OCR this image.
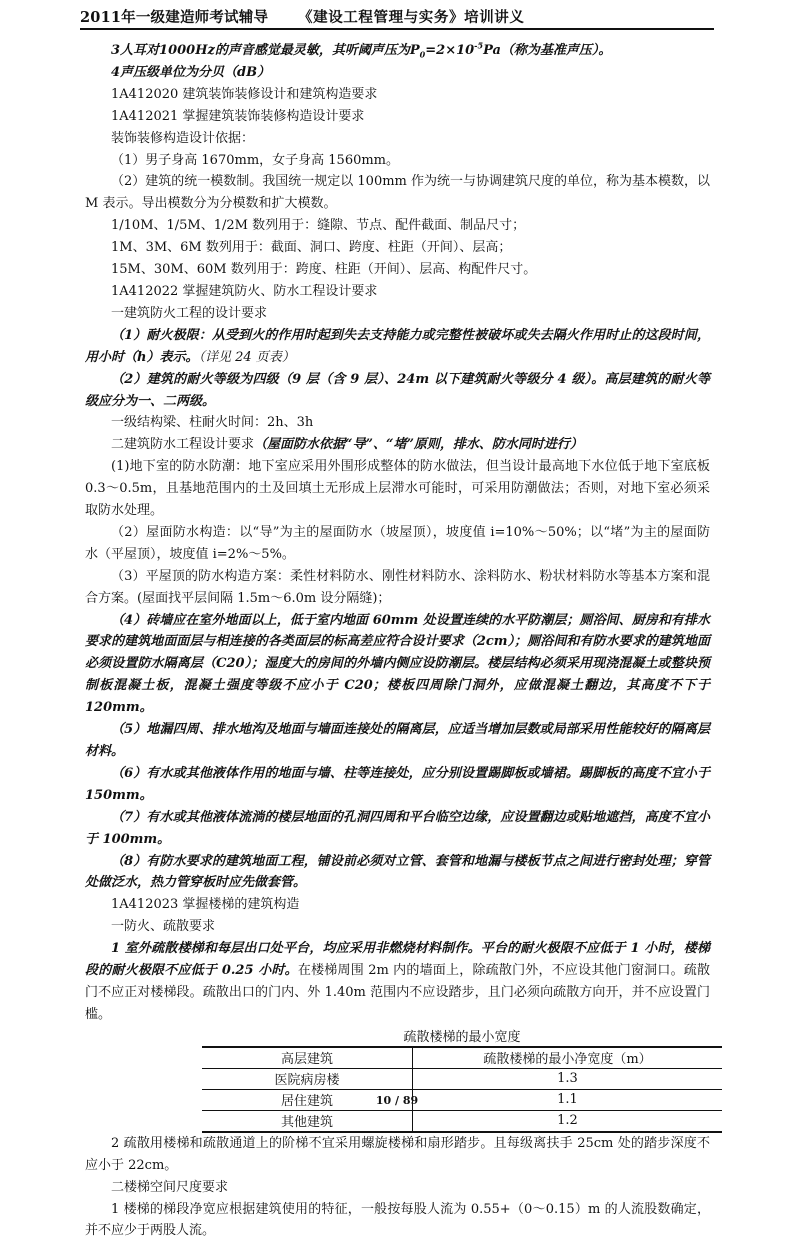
2011年一级建造师考试辅导 《建设工程管理与实务》培训讲义

3人耳对1000Hz的声音感觉最灵敏，其听阈声压为$P_0=2\times 10^{-5}Pa$（称为基准声压）。

4声压级单位为分贝（dB）

1A412020 建筑装饰装修设计和建筑构造要求

1A412021 掌握建筑装饰装修构造设计要求

装饰装修构造设计依据：

（1）男子身高 1670mm，女子身高 1560mm。

（2）建筑的统一模数制。我国统一规定以 100mm 作为统一与协调建筑尺度的单位，称为基本模数，以 M 表示。导出模数分为分模数和扩大模数。

1/10M、1/5M、1/2M 数列用于：缝隙、节点、配件截面、制品尺寸；

1M、3M、6M 数列用于：截面、洞口、跨度、柱距（开间）、层高；

15M、30M、60M 数列用于：跨度、柱距（开间）、层高、构配件尺寸。

1A412022 掌握建筑防火、防水工程设计要求

一建筑防火工程的设计要求

（1）耐火极限：从受到火的作用时起到失去支持能力或完整性被破坏或失去隔火作用时止的这段时间，用小时（h）表示。（详见 24 页表）

（2）建筑的耐火等级为四级（9 层（含 9 层）、24m 以下建筑耐火等级分 4 级）。高层建筑的耐火等级应分为一、二两级。

一级结构梁、柱耐火时间：2h、3h

二建筑防水工程设计要求（屋面防水依据“导”、“堵”原则，排水、防水同时进行）

(1)地下室的防水防潮：地下室应采用外围形成整体的防水做法，但当设计最高地下水位低于地下室底板 0.3～0.5m，且基地范围内的土及回填土无形成上层滞水可能时，可采用防潮做法；否则，对地下室必须采取防水处理。

（2）屋面防水构造：以“导”为主的屋面防水（坡屋顶），坡度值 i=10%～50%；以“堵”为主的屋面防水（平屋顶），坡度值 i=2%～5%。

（3）平屋顶的防水构造方案：柔性材料防水、刚性材料防水、涂料防水、粉状材料防水等基本方案和混合方案。(屋面找平层间隔 1.5m～6.0m 设分隔缝)；

（4）砖墙应在室外地面以上，低于室内地面 60mm 处设置连续的水平防潮层；厕浴间、厨房和有排水要求的建筑地面面层与相连接的各类面层的标高差应符合设计要求（2cm）；厕浴间和有防水要求的建筑地面必须设置防水隔离层（C20）；湿度大的房间的外墙内侧应设防潮层。楼层结构必须采用现浇混凝土或整块预制板混凝土板，混凝土强度等级不应小于 C20；楼板四周除门洞外，应做混凝土翻边，其高度不下于 120mm。

（5）地漏四周、排水地沟及地面与墙面连接处的隔离层，应适当增加层数或局部采用性能较好的隔离层材料。

（6）有水或其他液体作用的地面与墙、柱等连接处，应分别设置踢脚板或墙裙。踢脚板的高度不宜小于 150mm。

（7）有水或其他液体流淌的楼层地面的孔洞四周和平台临空边缘，应设置翻边或贴地遮挡，高度不宜小于 100mm。

（8）有防水要求的建筑地面工程，铺设前必须对立管、套管和地漏与楼板节点之间进行密封处理；穿管处做泛水，热力管穿板时应先做套管。

1A412023 掌握楼梯的建筑构造

一防火、疏散要求

1 室外疏散楼梯和每层出口处平台，均应采用非燃烧材料制作。平台的耐火极限不应低于 1 小时，楼梯段的耐火极限不应低于 0.25 小时。在楼梯周围 2m 内的墙面上，除疏散门外，不应设其他门窗洞口。疏散门不应正对楼梯段。疏散出口的门内、外 1.40m 范围内不应设踏步，且门必须向疏散方向开，并不应设置门槛。

疏散楼梯的最小宽度	
高层建筑	疏散楼梯的最小净宽度（m）
医院病房楼	1.3
居住建筑	1.1
其他建筑	1.2

2 疏散用楼梯和疏散通道上的阶梯不宜采用螺旋楼梯和扇形踏步。且每级离扶手 25cm 处的踏步深度不应小于 22cm。

二楼梯空间尺度要求

1 楼梯的梯段净宽应根据建筑使用的特征，一般按每股人流为 0.55+（0～0.15）m 的人流股数确定，并不应少于两股人流。

10 / 89
